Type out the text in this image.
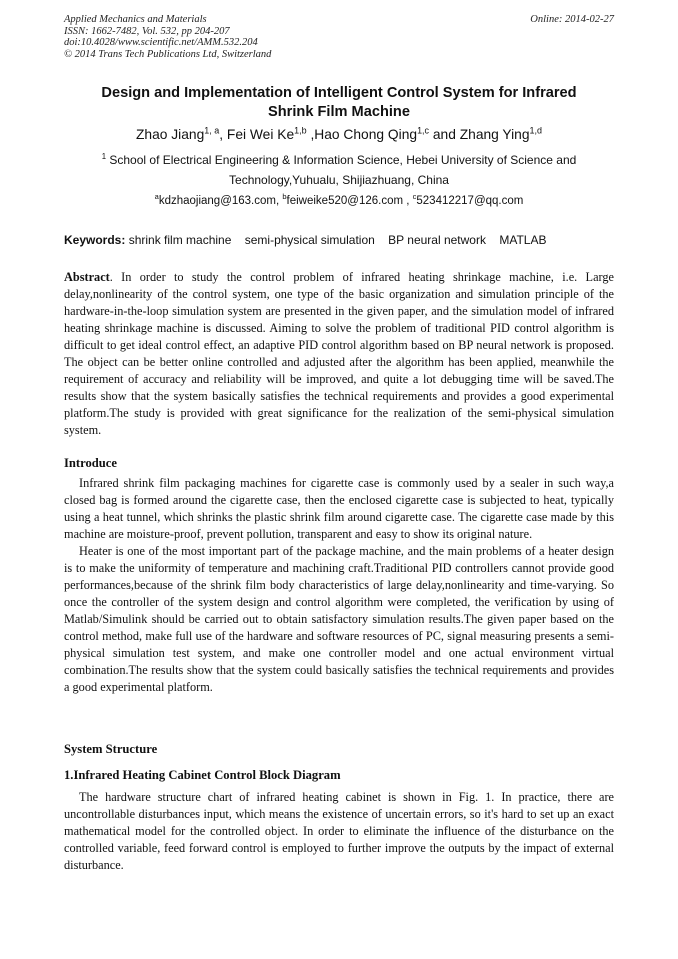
Applied Mechanics and Materials
ISSN: 1662-7482, Vol. 532, pp 204-207
doi:10.4028/www.scientific.net/AMM.532.204
© 2014 Trans Tech Publications Ltd, Switzerland
Online: 2014-02-27
Design and Implementation of Intelligent Control System for Infrared
Shrink Film Machine
Zhao Jiang$^{1, a}$, Fei Wei Ke$^{1,b}$ ,Hao Chong Qing$^{1,c}$ and Zhang Ying$^{1,d}$
$^1$ School of Electrical Engineering & Information Science, Hebei University of Science and
Technology,Yuhualu, Shijiazhuang, China
$^a$kdzhaojiang@163.com, $^b$feiweike520@126.com , $^c$523412217@qq.com
Keywords: shrink film machine semi-physical simulation BP neural network MATLAB

Abstract. In order to study the control problem of infrared heating shrinkage machine, i.e. Large delay,nonlinearity of the control system, one type of the basic organization and simulation principle of the hardware-in-the-loop simulation system are presented in the given paper, and the simulation model of infrared heating shrinkage machine is discussed. Aiming to solve the problem of traditional PID control algorithm is difficult to get ideal control effect, an adaptive PID control algorithm based on BP neural network is proposed. The object can be better online controlled and adjusted after the algorithm has been applied, meanwhile the requirement of accuracy and reliability will be improved, and quite a lot debugging time will be saved.The results show that the system basically satisfies the technical requirements and provides a good experimental platform.The study is provided with great significance for the realization of the semi-physical simulation system.

Introduce

Infrared shrink film packaging machines for cigarette case is commonly used by a sealer in such way,a closed bag is formed around the cigarette case, then the enclosed cigarette case is subjected to heat, typically using a heat tunnel, which shrinks the plastic shrink film around cigarette case. The cigarette case made by this machine are moisture-proof, prevent pollution, transparent and easy to show its original nature.

Heater is one of the most important part of the package machine, and the main problems of a heater design is to make the uniformity of temperature and machining craft.Traditional PID controllers cannot provide good performances,because of the shrink film body characteristics of large delay,nonlinearity and time-varying. So once the controller of the system design and control algorithm were completed, the verification by using of Matlab/Simulink should be carried out to obtain satisfactory simulation results.The given paper based on the control method, make full use of the hardware and software resources of PC, signal measuring presents a semi-physical simulation test system, and make one controller model and one actual environment virtual combination.The results show that the system could basically satisfies the technical requirements and provides a good experimental platform.

System Structure
1.Infrared Heating Cabinet Control Block Diagram

The hardware structure chart of infrared heating cabinet is shown in Fig. 1. In practice, there are uncontrollable disturbances input, which means the existence of uncertain errors, so it's hard to set up an exact mathematical model for the controlled object. In order to eliminate the influence of the disturbance on the controlled variable, feed forward control is employed to further improve the outputs by the impact of external disturbance.
